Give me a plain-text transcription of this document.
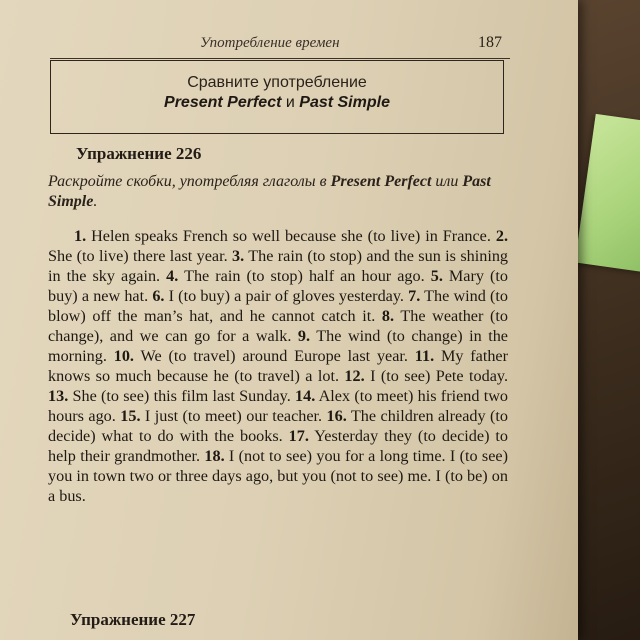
Употребление времен	187
Сравните употребление
Present Perfect и Past Simple
Упражнение 226
Раскройте скобки, употребляя глаголы в Present Perfect или Past Simple.

1. Helen speaks French so well because she (to live) in France. 2. She (to live) there last year. 3. The rain (to stop) and the sun is shining in the sky again. 4. The rain (to stop) half an hour ago. 5. Mary (to buy) a new hat. 6. I (to buy) a pair of gloves yesterday. 7. The wind (to blow) off the man’s hat, and he cannot catch it. 8. The weather (to change), and we can go for a walk. 9. The wind (to change) in the morning. 10. We (to travel) around Europe last year. 11. My father knows so much because he (to travel) a lot. 12. I (to see) Pete today. 13. She (to see) this film last Sunday. 14. Alex (to meet) his friend two hours ago. 15. I just (to meet) our teacher. 16. The children already (to decide) what to do with the books. 17. Yesterday they (to decide) to help their grandmother. 18. I (not to see) you for a long time. I (to see) you in town two or three days ago, but you (not to see) me. I (to be) on a bus.

Упражнение 227
